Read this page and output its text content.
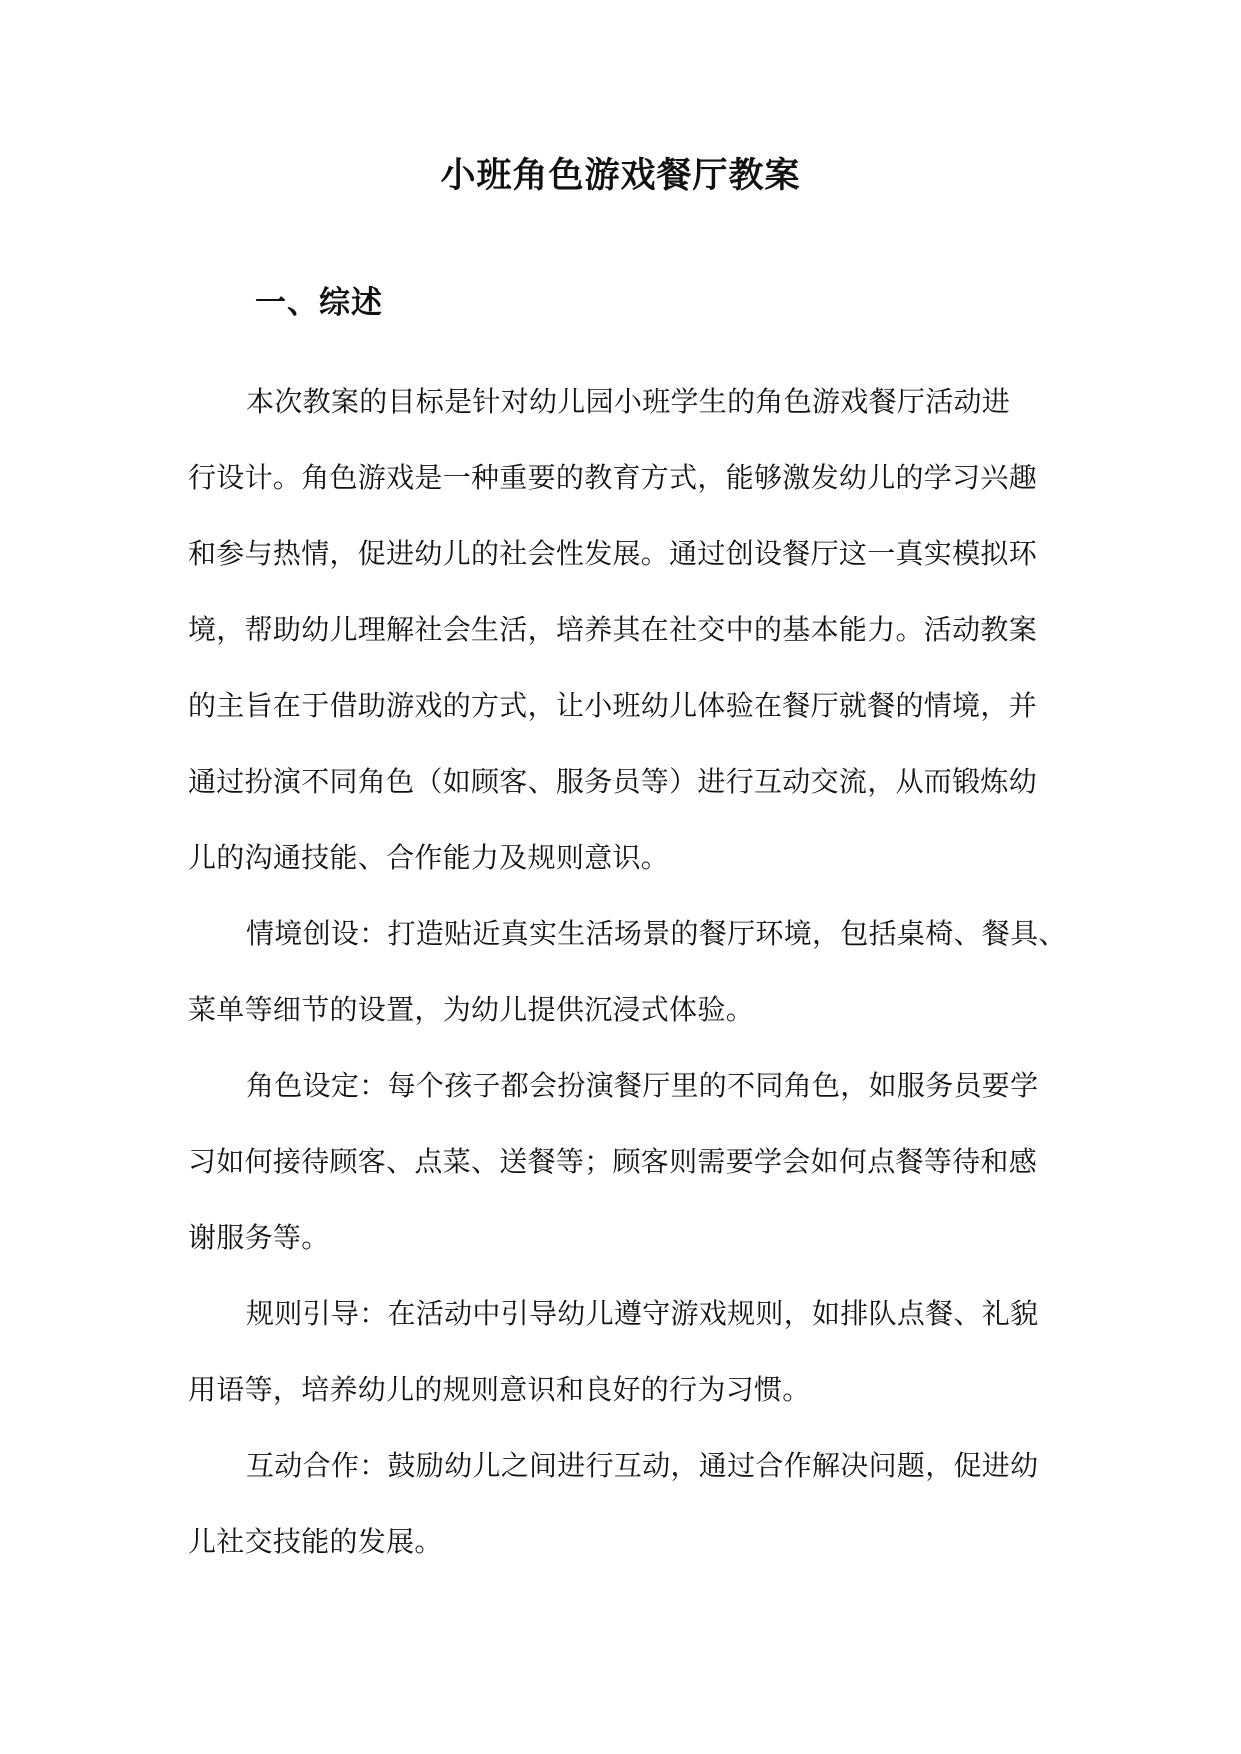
小班角色游戏餐厅教案
一、综述

本次教案的目标是针对幼儿园小班学生的角色游戏餐厅活动进
行设计。角色游戏是一种重要的教育方式，能够激发幼儿的学习兴趣
和参与热情，促进幼儿的社会性发展。通过创设餐厅这一真实模拟环
境，帮助幼儿理解社会生活，培养其在社交中的基本能力。活动教案
的主旨在于借助游戏的方式，让小班幼儿体验在餐厅就餐的情境，并
通过扮演不同角色（如顾客、服务员等）进行互动交流，从而锻炼幼
儿的沟通技能、合作能力及规则意识。

情境创设：打造贴近真实生活场景的餐厅环境，包括桌椅、餐具、
菜单等细节的设置，为幼儿提供沉浸式体验。

角色设定：每个孩子都会扮演餐厅里的不同角色，如服务员要学
习如何接待顾客、点菜、送餐等；顾客则需要学会如何点餐等待和感
谢服务等。

规则引导：在活动中引导幼儿遵守游戏规则，如排队点餐、礼貌
用语等，培养幼儿的规则意识和良好的行为习惯。

互动合作：鼓励幼儿之间进行互动，通过合作解决问题，促进幼
儿社交技能的发展。
